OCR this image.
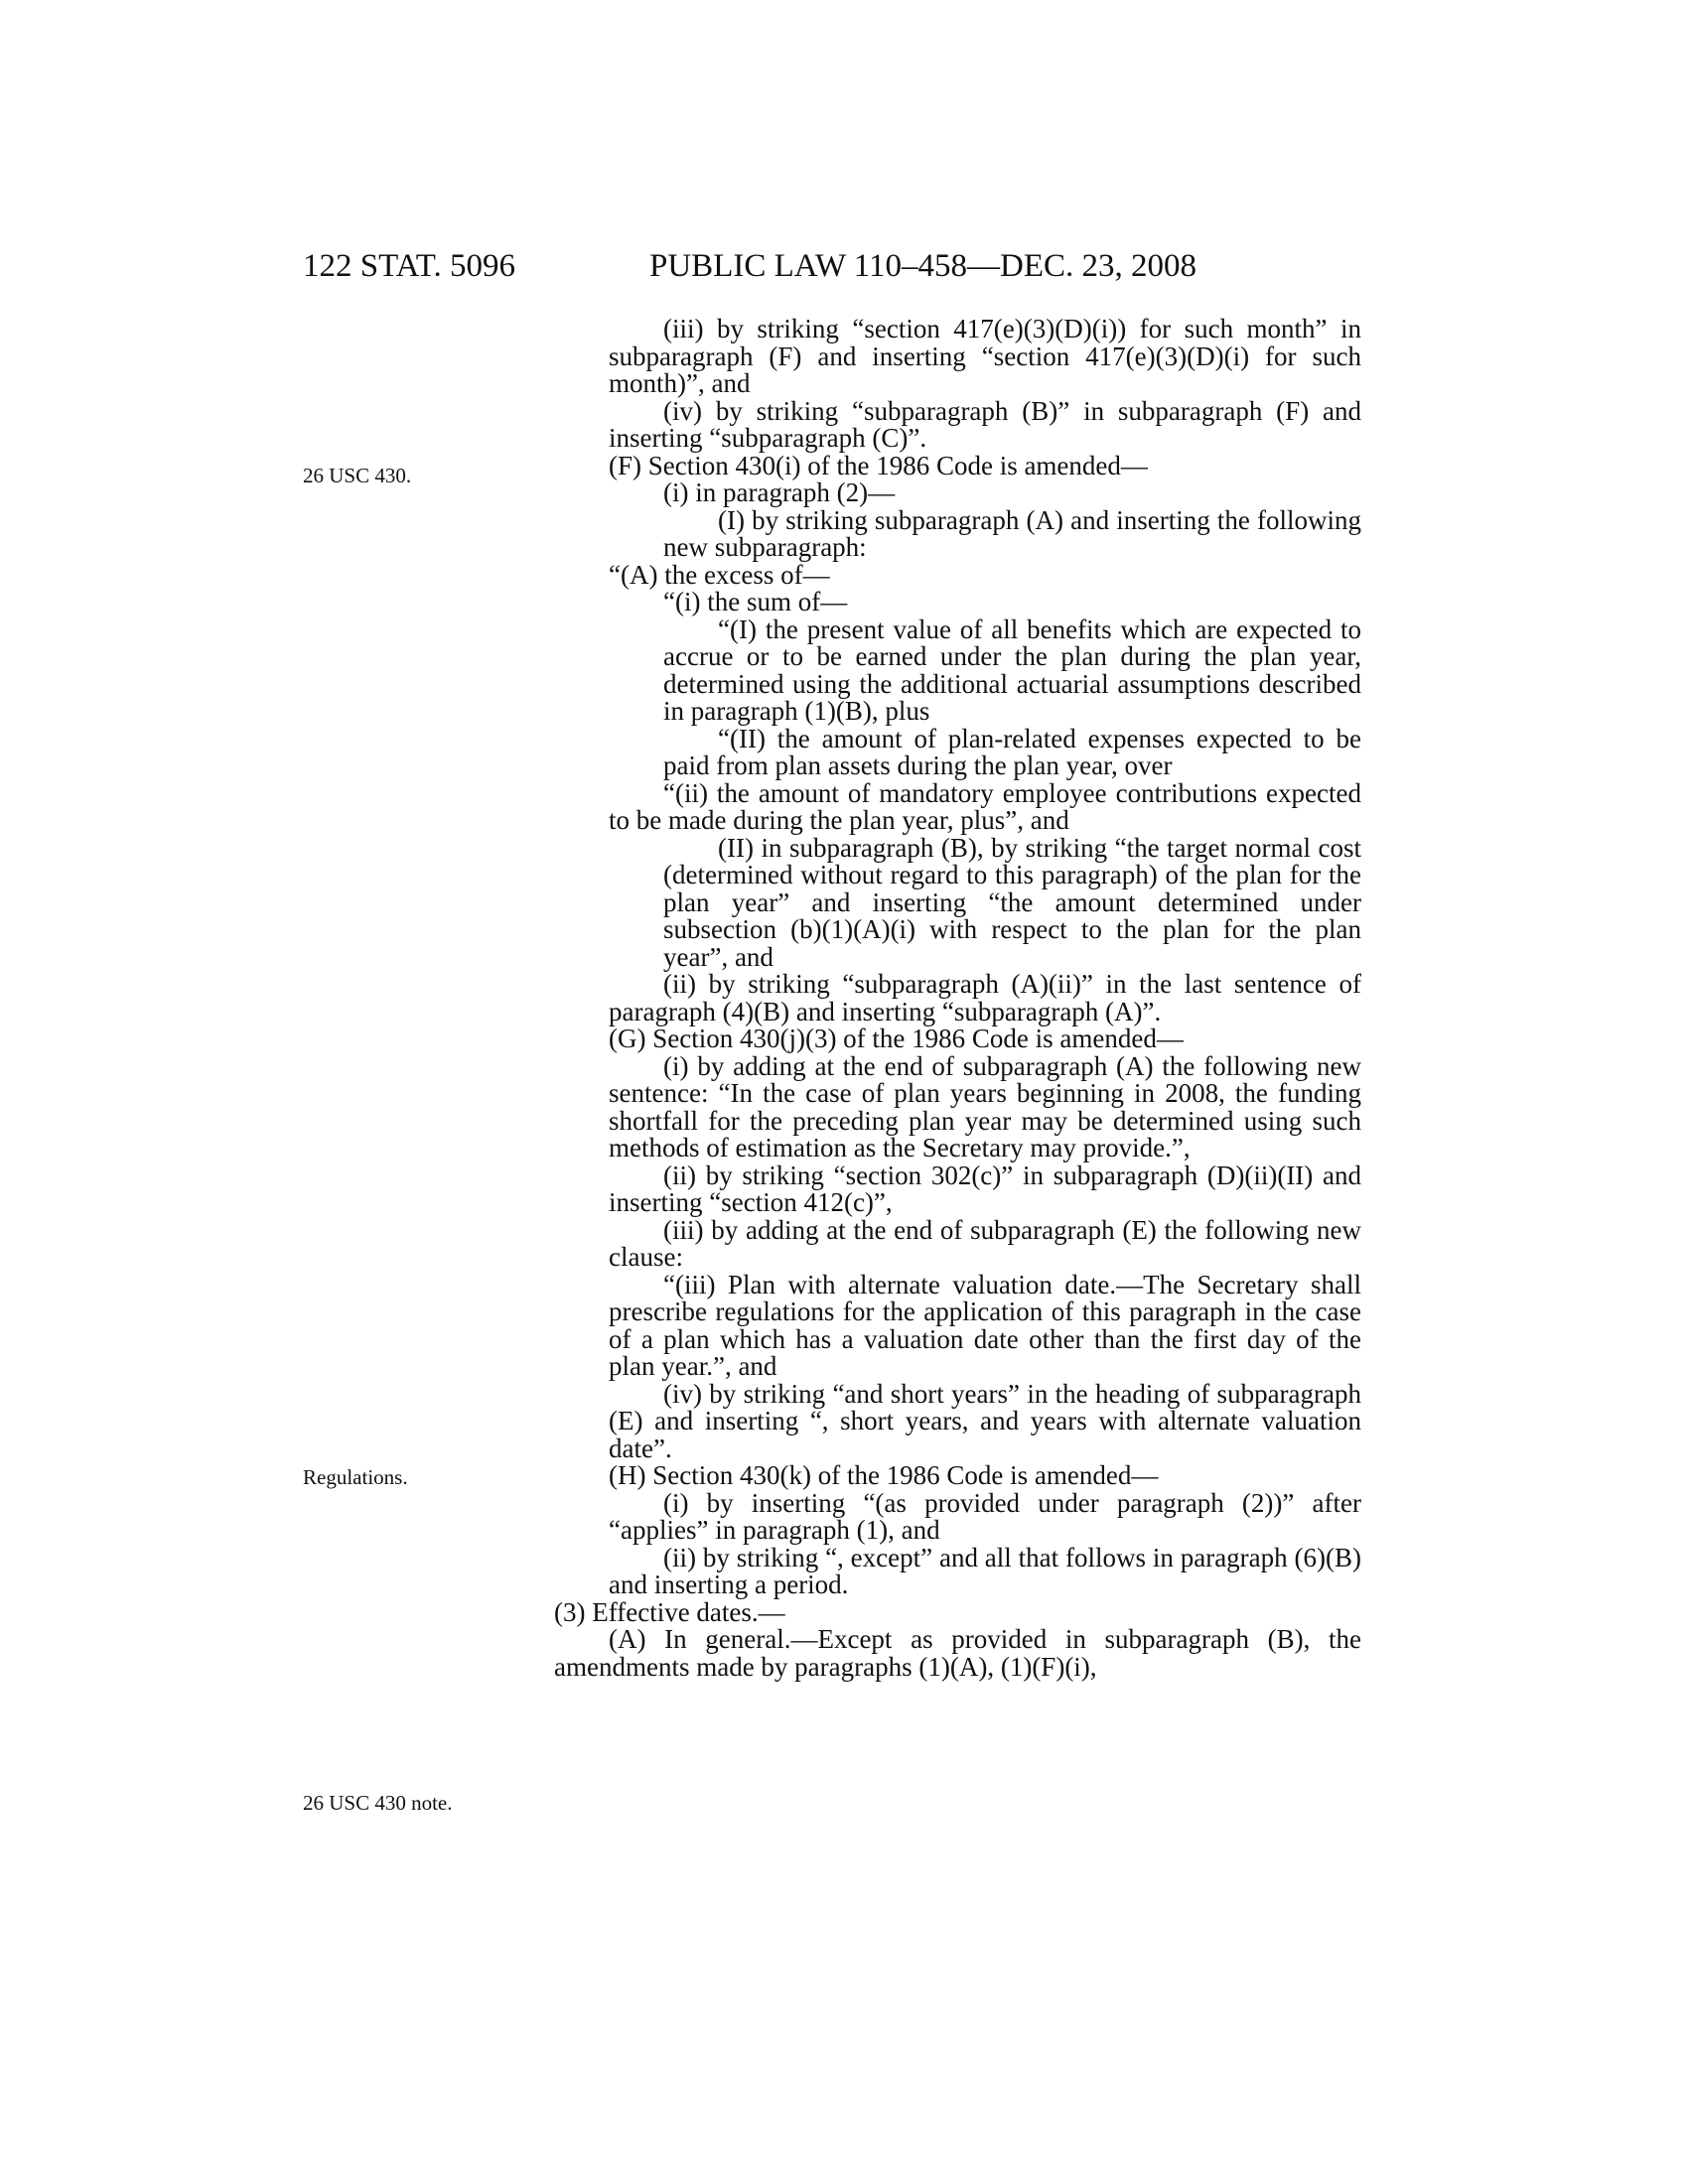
122 STAT. 5096	PUBLIC LAW 110–458—DEC. 23, 2008
26 USC 430.
Regulations.
26 USC 430 note.

(iii) by striking “section 417(e)(3)(D)(i)) for such month” in subparagraph (F) and inserting “section 417(e)(3)(D)(i) for such month)”, and

(iv) by striking “subparagraph (B)” in subparagraph (F) and inserting “subparagraph (C)”.

(F) Section 430(i) of the 1986 Code is amended—

(i) in paragraph (2)—

(I) by striking subparagraph (A) and inserting the following new subparagraph:

“(A) the excess of—

“(i) the sum of—

“(I) the present value of all benefits which are expected to accrue or to be earned under the plan during the plan year, determined using the additional actuarial assumptions described in paragraph (1)(B), plus

“(II) the amount of plan-related expenses expected to be paid from plan assets during the plan year, over

“(ii) the amount of mandatory employee contributions expected to be made during the plan year, plus”, and

(II) in subparagraph (B), by striking “the target normal cost (determined without regard to this paragraph) of the plan for the plan year” and inserting “the amount determined under subsection (b)(1)(A)(i) with respect to the plan for the plan year”, and

(ii) by striking “subparagraph (A)(ii)” in the last sentence of paragraph (4)(B) and inserting “subparagraph (A)”.

(G) Section 430(j)(3) of the 1986 Code is amended—

(i) by adding at the end of subparagraph (A) the following new sentence: “In the case of plan years beginning in 2008, the funding shortfall for the preceding plan year may be determined using such methods of estimation as the Secretary may provide.”,

(ii) by striking “section 302(c)” in subparagraph (D)(ii)(II) and inserting “section 412(c)”,

(iii) by adding at the end of subparagraph (E) the following new clause:

“(iii) Plan with alternate valuation date.—The Secretary shall prescribe regulations for the application of this paragraph in the case of a plan which has a valuation date other than the first day of the plan year.”, and

(iv) by striking “and short years” in the heading of subparagraph (E) and inserting “, short years, and years with alternate valuation date”.

(H) Section 430(k) of the 1986 Code is amended—

(i) by inserting “(as provided under paragraph (2))” after “applies” in paragraph (1), and

(ii) by striking “, except” and all that follows in paragraph (6)(B) and inserting a period.

(3) Effective dates.—

(A) In general.—Except as provided in subparagraph (B), the amendments made by paragraphs (1)(A), (1)(F)(i),
